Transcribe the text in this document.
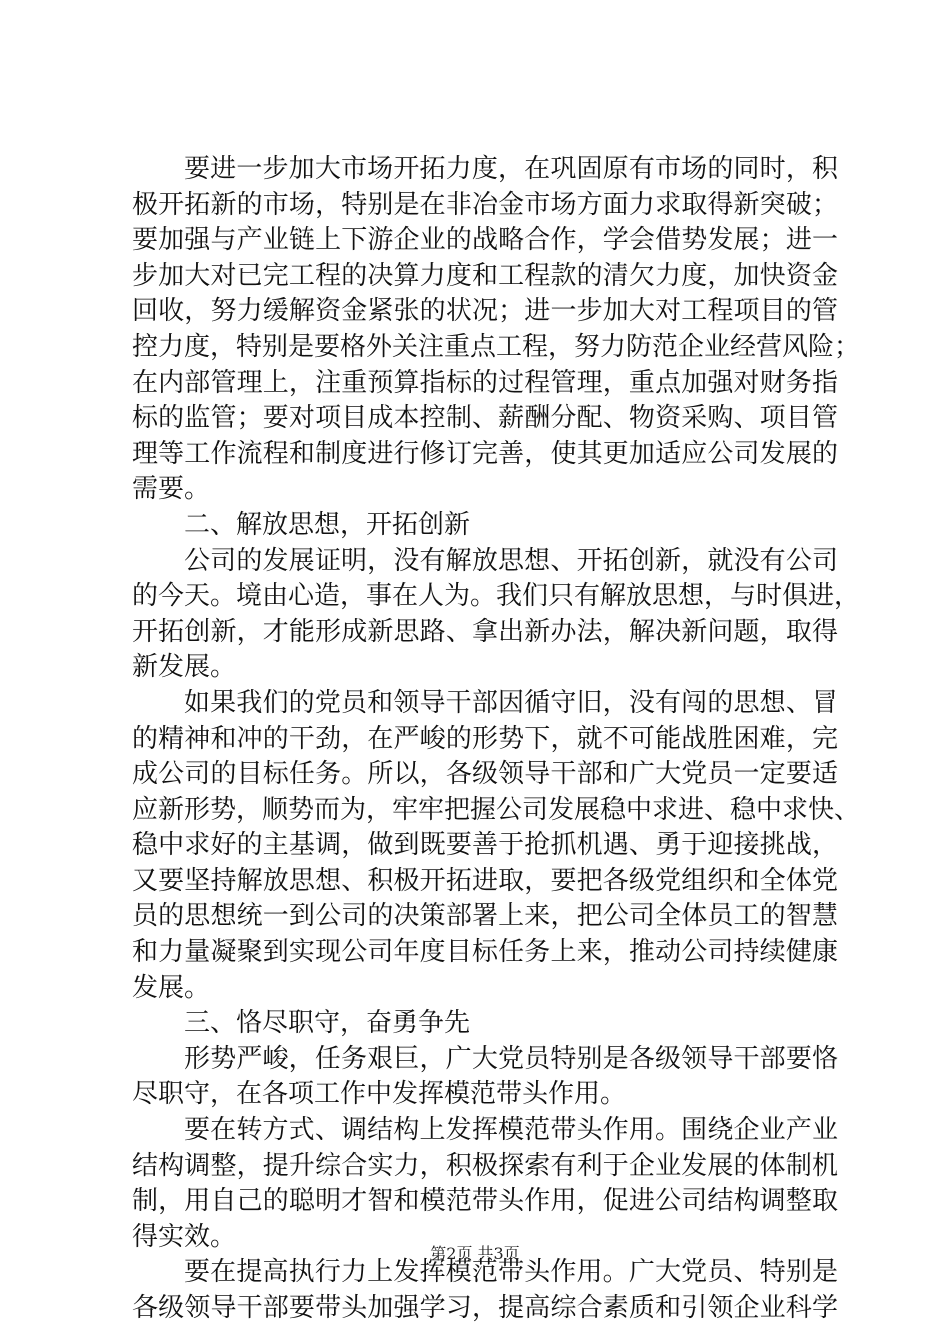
要进一步加大市场开拓力度，在巩固原有市场的同时，积
极开拓新的市场，特别是在非冶金市场方面力求取得新突破；
要加强与产业链上下游企业的战略合作，学会借势发展；进一
步加大对已完工程的决算力度和工程款的清欠力度，加快资金
回收，努力缓解资金紧张的状况；进一步加大对工程项目的管
控力度，特别是要格外关注重点工程，努力防范企业经营风险；
在内部管理上，注重预算指标的过程管理，重点加强对财务指
标的监管；要对项目成本控制、薪酬分配、物资采购、项目管
理等工作流程和制度进行修订完善，使其更加适应公司发展的
需要。
二、解放思想，开拓创新
公司的发展证明，没有解放思想、开拓创新，就没有公司
的今天。境由心造，事在人为。我们只有解放思想，与时俱进，
开拓创新，才能形成新思路、拿出新办法，解决新问题，取得
新发展。
如果我们的党员和领导干部因循守旧，没有闯的思想、冒
的精神和冲的干劲，在严峻的形势下，就不可能战胜困难，完
成公司的目标任务。所以，各级领导干部和广大党员一定要适
应新形势，顺势而为，牢牢把握公司发展稳中求进、稳中求快、
稳中求好的主基调，做到既要善于抢抓机遇、勇于迎接挑战，
又要坚持解放思想、积极开拓进取，要把各级党组织和全体党
员的思想统一到公司的决策部署上来，把公司全体员工的智慧
和力量凝聚到实现公司年度目标任务上来，推动公司持续健康
发展。
三、恪尽职守，奋勇争先
形势严峻，任务艰巨，广大党员特别是各级领导干部要恪
尽职守，在各项工作中发挥模范带头作用。
要在转方式、调结构上发挥模范带头作用。围绕企业产业
结构调整，提升综合实力，积极探索有利于企业发展的体制机
制，用自己的聪明才智和模范带头作用，促进公司结构调整取
得实效。
要在提高执行力上发挥模范带头作用。广大党员、特别是
各级领导干部要带头加强学习，提高综合素质和引领企业科学
第2页 共3页
